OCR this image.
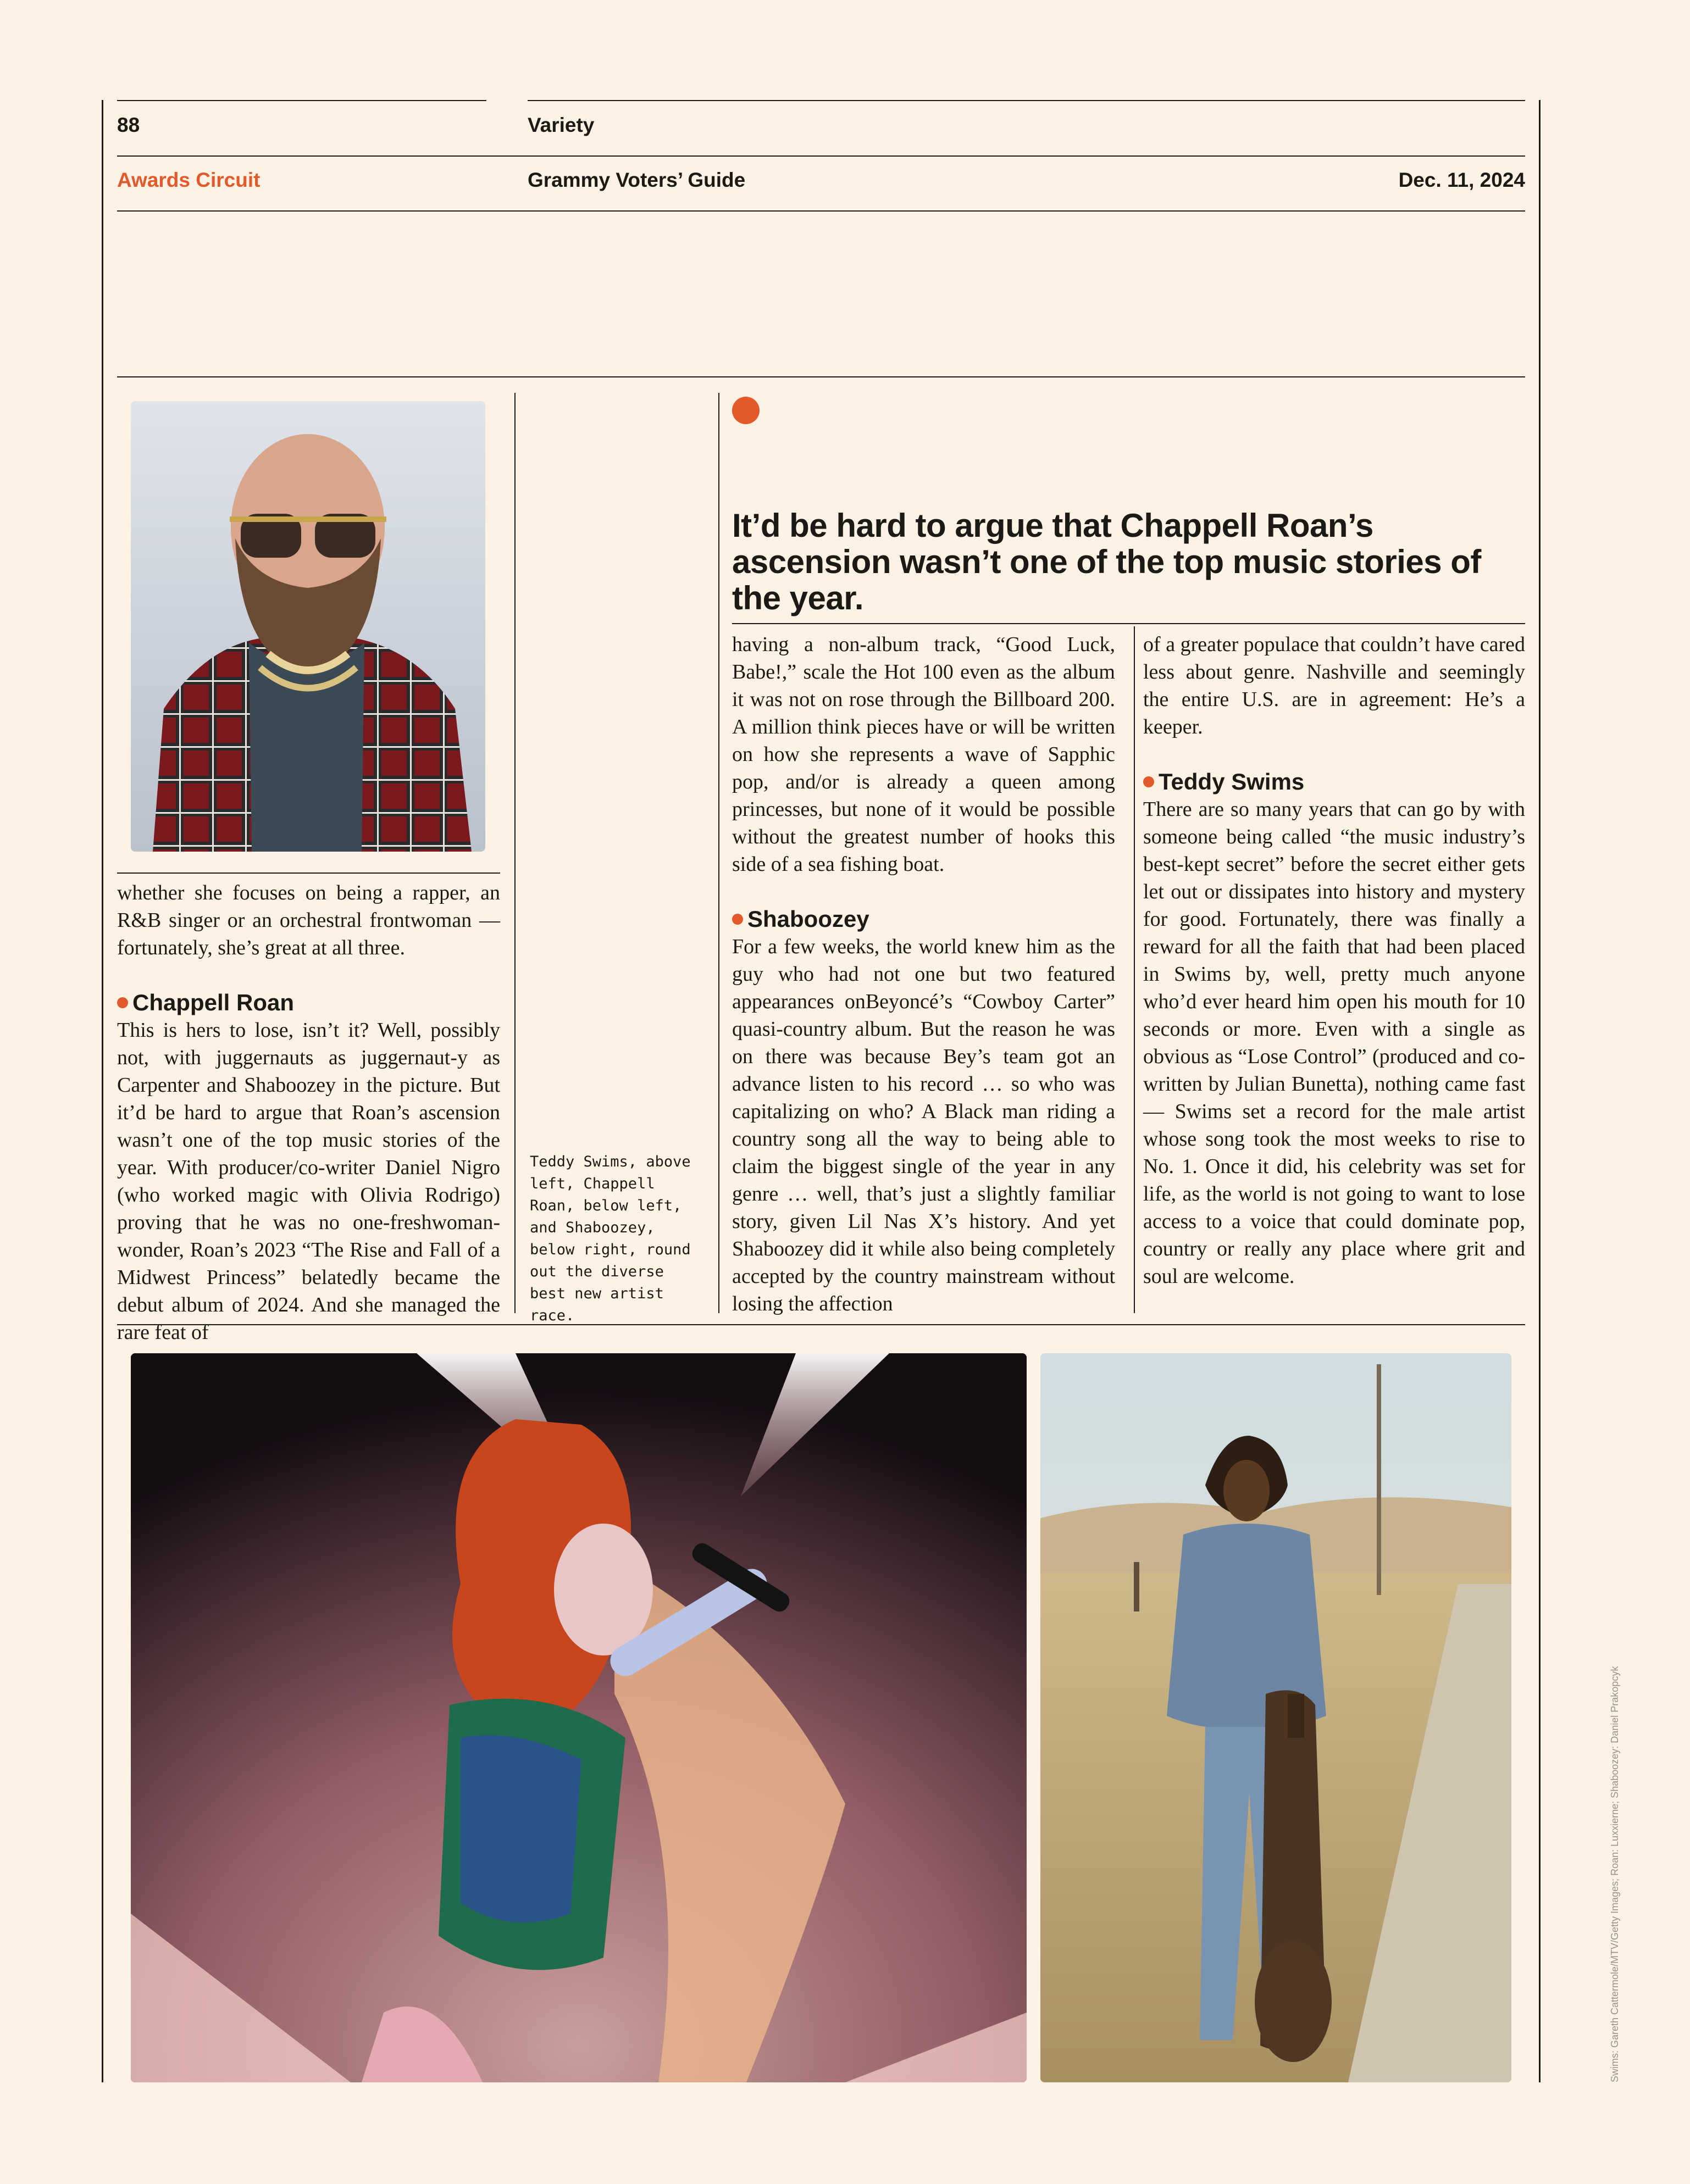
88	Variety
Awards Circuit	Grammy Voters’ Guide	Dec. 11, 2024
whether she focuses on being a rapper, an R&B singer or an orchestral frontwoman — fortunately, she’s great at all three.
Chappell Roan
This is hers to lose, isn’t it? Well, possibly not, with juggernauts as juggernaut-y as Carpenter and Shaboozey in the picture. But it’d be hard to argue that Roan’s ascension wasn’t one of the top music stories of the year. With producer/co-writer Daniel Nigro (who worked magic with Olivia Rodrigo) proving that he was no one-freshwoman-wonder, Roan’s 2023 “The Rise and Fall of a Midwest Princess” belatedly became the debut album of 2024. And she managed the rare feat of
Teddy Swims, above left, Chappell Roan, below left, and Shaboozey, below right, round out the diverse best new artist race.
It’d be hard to argue that Chappell Roan’s ascension wasn’t one of the top music stories of the year.
having a non-album track, “Good Luck, Babe!,” scale the Hot 100 even as the album it was not on rose through the Billboard 200. A million think pieces have or will be written on how she represents a wave of Sapphic pop, and/or is already a queen among princesses, but none of it would be possible without the greatest number of hooks this side of a sea fishing boat.
Shaboozey
For a few weeks, the world knew him as the guy who had not one but two featured appearances onBeyoncé’s “Cowboy Carter” quasi-country album. But the reason he was on there was because Bey’s team got an advance listen to his record … so who was capitalizing on who? A Black man riding a country song all the way to being able to claim the biggest single of the year in any genre … well, that’s just a slightly familiar story, given Lil Nas X’s history. And yet Shaboozey did it while also being completely accepted by the country mainstream without losing the affection
of a greater populace that couldn’t have cared less about genre. Nashville and seemingly the entire U.S. are in agreement: He’s a keeper.
Teddy Swims
There are so many years that can go by with someone being called “the music industry’s best-kept secret” before the secret either gets let out or dissipates into history and mystery for good. Fortunately, there was finally a reward for all the faith that had been placed in Swims by, well, pretty much anyone who’d ever heard him open his mouth for 10 seconds or more. Even with a single as obvious as “Lose Control” (produced and co-written by Julian Bunetta), nothing came fast — Swims set a record for the male artist whose song took the most weeks to rise to No. 1. Once it did, his celebrity was set for life, as the world is not going to want to lose access to a voice that could dominate pop, country or really any place where grit and soul are welcome.
Swims: Gareth Cattermole/MTV/Getty Images; Roan: Luxxierne; Shaboozey: Daniel Prakopcyk
